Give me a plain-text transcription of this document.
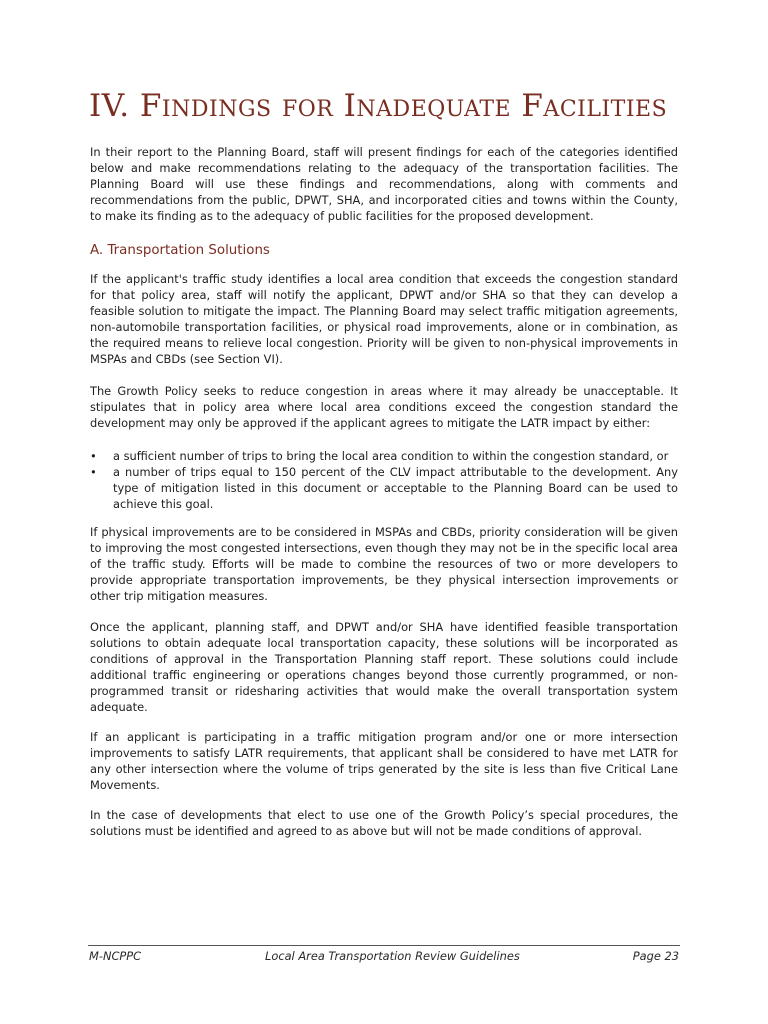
IV. Findings for Inadequate Facilities

In their report to the Planning Board, staff will present findings for each of the categories identified below and make recommendations relating to the adequacy of the transportation facilities. The Planning Board will use these findings and recommendations, along with comments and recommendations from the public, DPWT, SHA, and incorporated cities and towns within the County, to make its finding as to the adequacy of public facilities for the proposed development.

A. Transportation Solutions

If the applicant's traffic study identifies a local area condition that exceeds the congestion standard for that policy area, staff will notify the applicant, DPWT and/or SHA so that they can develop a feasible solution to mitigate the impact. The Planning Board may select traffic mitigation agreements, non-automobile transportation facilities, or physical road improvements, alone or in combination, as the required means to relieve local congestion. Priority will be given to non-physical improvements in MSPAs and CBDs (see Section VI).

The Growth Policy seeks to reduce congestion in areas where it may already be unacceptable. It stipulates that in policy area where local area conditions exceed the congestion standard the development may only be approved if the applicant agrees to mitigate the LATR impact by either:

• a sufficient number of trips to bring the local area condition to within the congestion standard, or
• a number of trips equal to 150 percent of the CLV impact attributable to the development. Any type of mitigation listed in this document or acceptable to the Planning Board can be used to achieve this goal.

If physical improvements are to be considered in MSPAs and CBDs, priority consideration will be given to improving the most congested intersections, even though they may not be in the specific local area of the traffic study. Efforts will be made to combine the resources of two or more developers to provide appropriate transportation improvements, be they physical intersection improvements or other trip mitigation measures.

Once the applicant, planning staff, and DPWT and/or SHA have identified feasible transportation solutions to obtain adequate local transportation capacity, these solutions will be incorporated as conditions of approval in the Transportation Planning staff report. These solutions could include additional traffic engineering or operations changes beyond those currently programmed, or non-programmed transit or ridesharing activities that would make the overall transportation system adequate.

If an applicant is participating in a traffic mitigation program and/or one or more intersection improvements to satisfy LATR requirements, that applicant shall be considered to have met LATR for any other intersection where the volume of trips generated by the site is less than five Critical Lane Movements.

In the case of developments that elect to use one of the Growth Policy’s special procedures, the solutions must be identified and agreed to as above but will not be made conditions of approval.

M-NCPPC	Local Area Transportation Review Guidelines	Page 23
